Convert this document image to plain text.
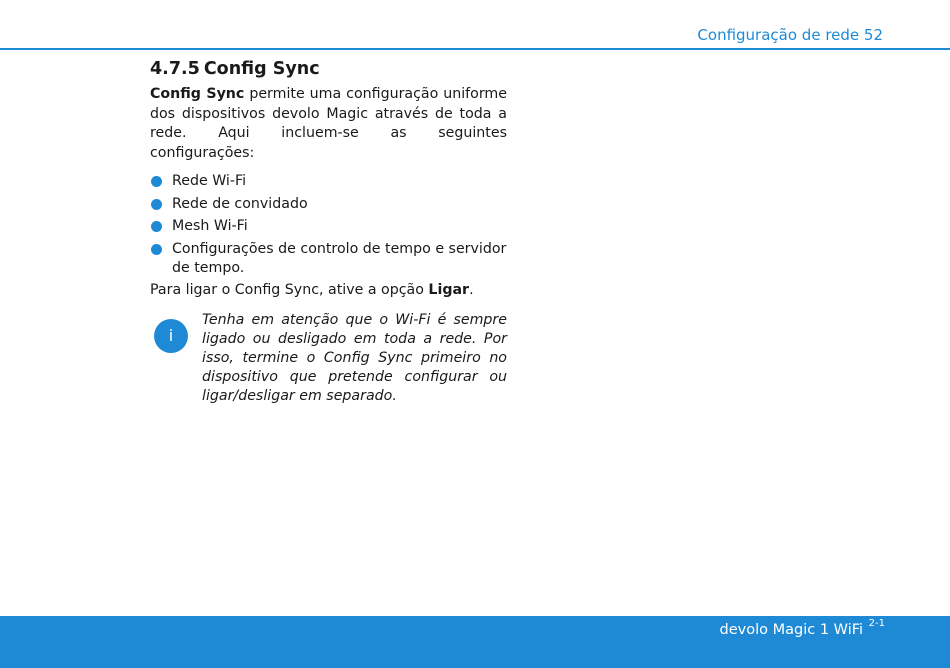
Configuração de rede 52
4.7.5 Config Sync

Config Sync permite uma configuração uniforme dos dispositivos devolo Magic através de toda a rede. Aqui incluem-se as seguintes configurações:

Rede Wi-Fi
Rede de convidado
Mesh Wi-Fi
Configurações de controlo de tempo e servidor de tempo.

Para ligar o Config Sync, ative a opção Ligar.

i

Tenha em atenção que o Wi-Fi é sempre ligado ou desligado em toda a rede. Por isso, termine o Config Sync primeiro no dispositivo que pretende configurar ou ligar/desligar em separado.

devolo Magic 1 WiFi $^{2-1}$
